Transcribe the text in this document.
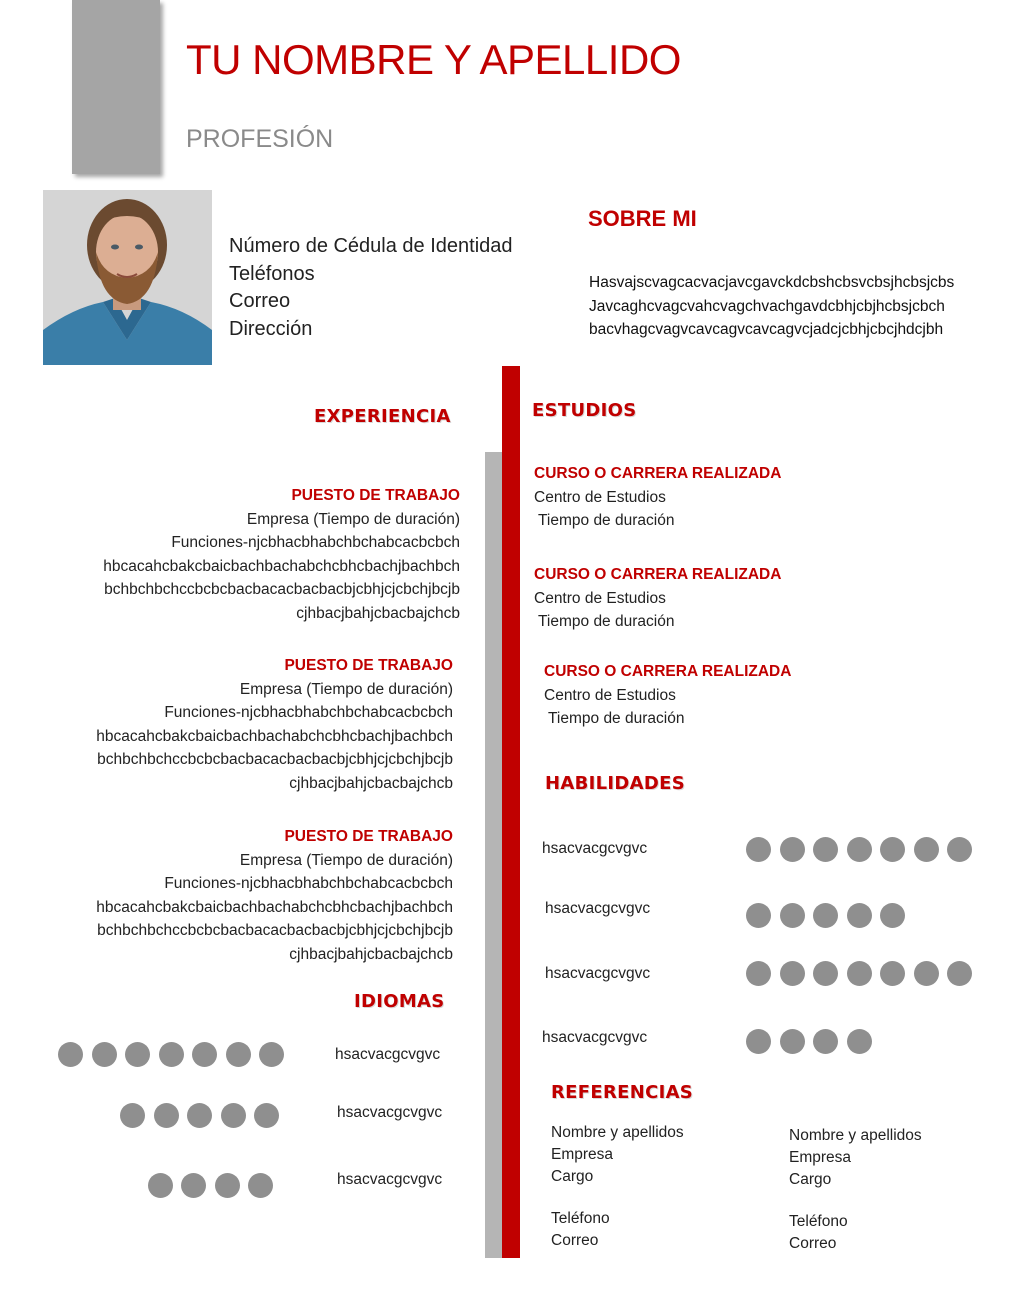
TU NOMBRE Y APELLIDO
PROFESIÓN
Número de Cédula de Identidad
Teléfonos
Correo
Dirección
SOBRE MI
Hasvajscvagcacvacjavcgavckdcbshcbsvcbsjhcbsjcbs
Javcaghcvagcvahcvagchvachgavdcbhjcbjhcbsjcbch
bacvhagcvagvcavcagvcavcagvcjadcjcbhjcbcjhdcjbh
EXPERIENCIA
PUESTO DE TRABAJO
Empresa (Tiempo de duración)
Funciones-njcbhacbhabchbchabcacbcbch
hbcacahcbakcbaicbachbachabchcbhcbachjbachbch
bchbchbchccbcbcbacbacacbacbacbjcbhjcjcbchjbcjb
cjhbacjbahjcbacbajchcb
PUESTO DE TRABAJO
Empresa (Tiempo de duración)
Funciones-njcbhacbhabchbchabcacbcbch
hbcacahcbakcbaicbachbachabchcbhcbachjbachbch
bchbchbchccbcbcbacbacacbacbacbjcbhjcjcbchjbcjb
cjhbacjbahjcbacbajchcb
PUESTO DE TRABAJO
Empresa (Tiempo de duración)
Funciones-njcbhacbhabchbchabcacbcbch
hbcacahcbakcbaicbachbachabchcbhcbachjbachbch
bchbchbchccbcbcbacbacacbacbacbjcbhjcjcbchjbcjb
cjhbacjbahjcbacbajchcb
IDIOMAS
hsacvacgcvgvc
hsacvacgcvgvc
hsacvacgcvgvc
ESTUDIOS
CURSO O CARRERA REALIZADA
Centro de Estudios
Tiempo de duración
CURSO O CARRERA REALIZADA
Centro de Estudios
Tiempo de duración
CURSO O CARRERA REALIZADA
Centro de Estudios
Tiempo de duración
HABILIDADES
hsacvacgcvgvc
hsacvacgcvgvc
hsacvacgcvgvc
hsacvacgcvgvc
REFERENCIAS
Nombre y apellidos
Empresa
Cargo
Teléfono
Correo
Nombre y apellidos
Empresa
Cargo
Teléfono
Correo
